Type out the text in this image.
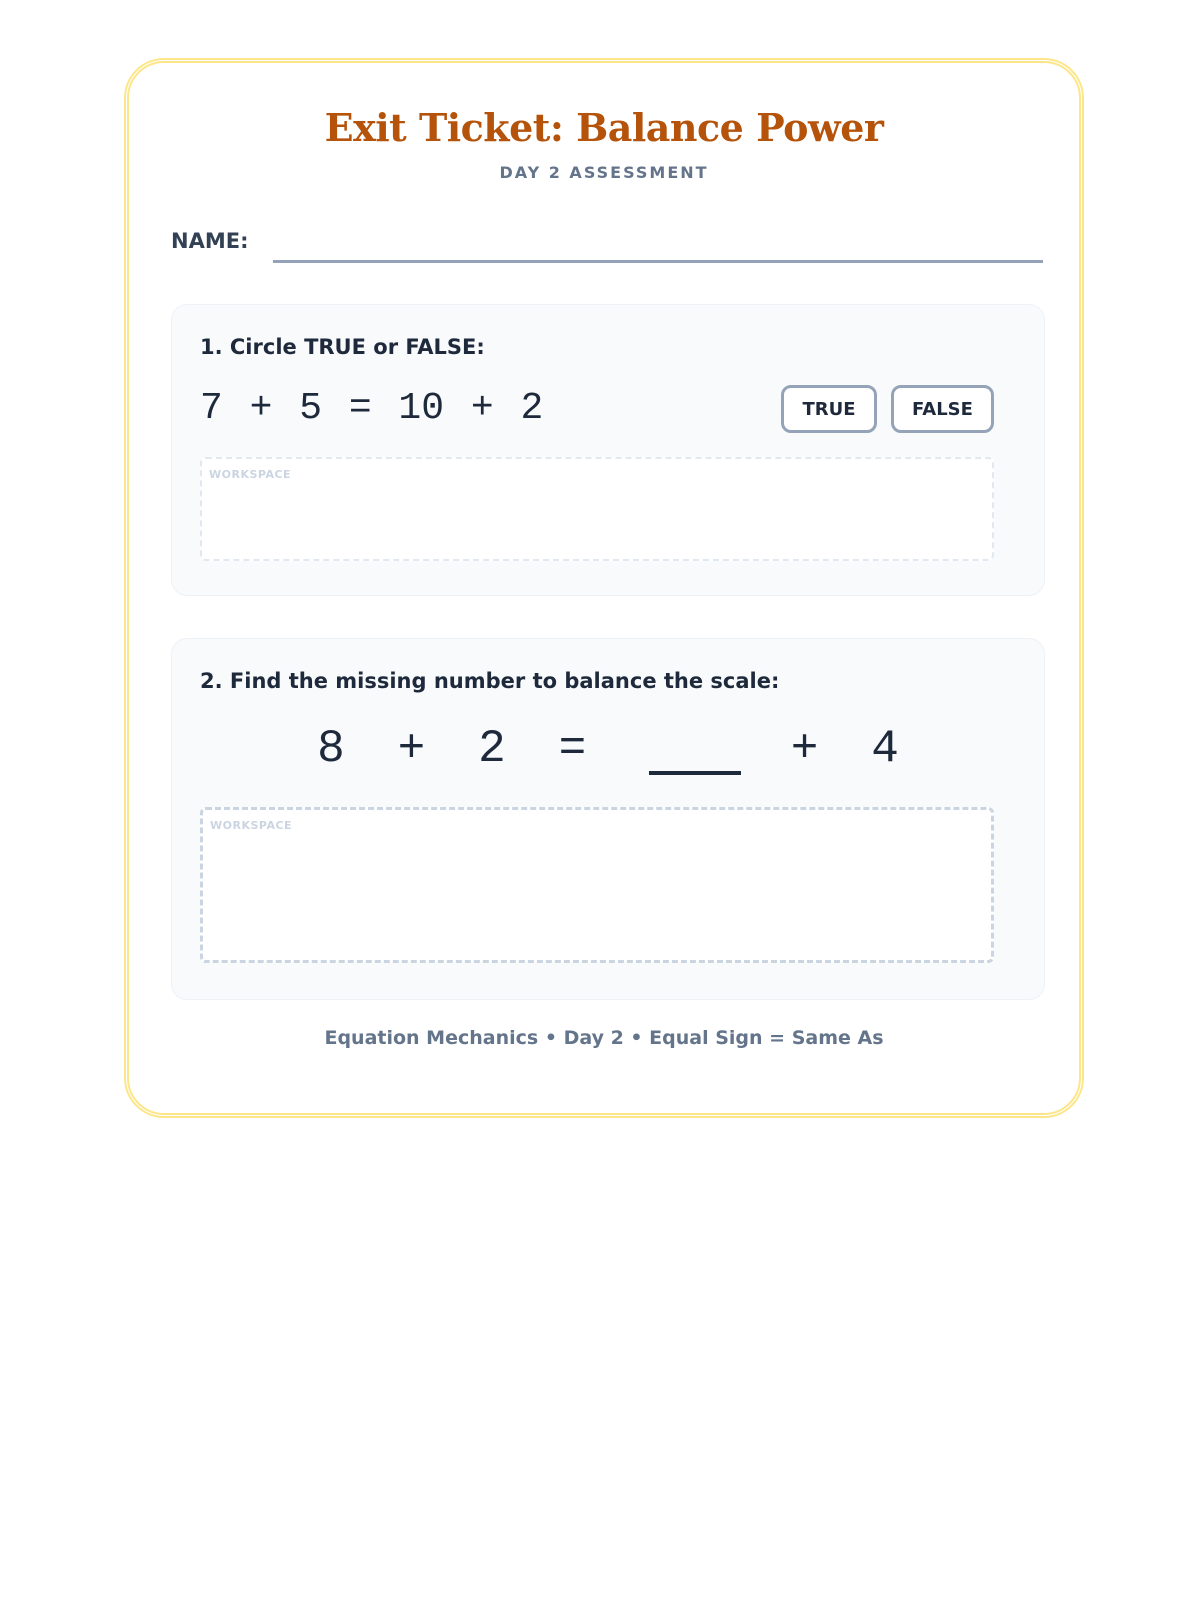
Exit Ticket: Balance Power
DAY 2 ASSESSMENT
NAME:
1. Circle TRUE or FALSE:
7 + 5 = 10 + 2	TRUE	FALSE
WORKSPACE
2. Find the missing number to balance the scale:
8 + 2 =	+ 4
WORKSPACE
Equation Mechanics • Day 2 • Equal Sign = Same As
